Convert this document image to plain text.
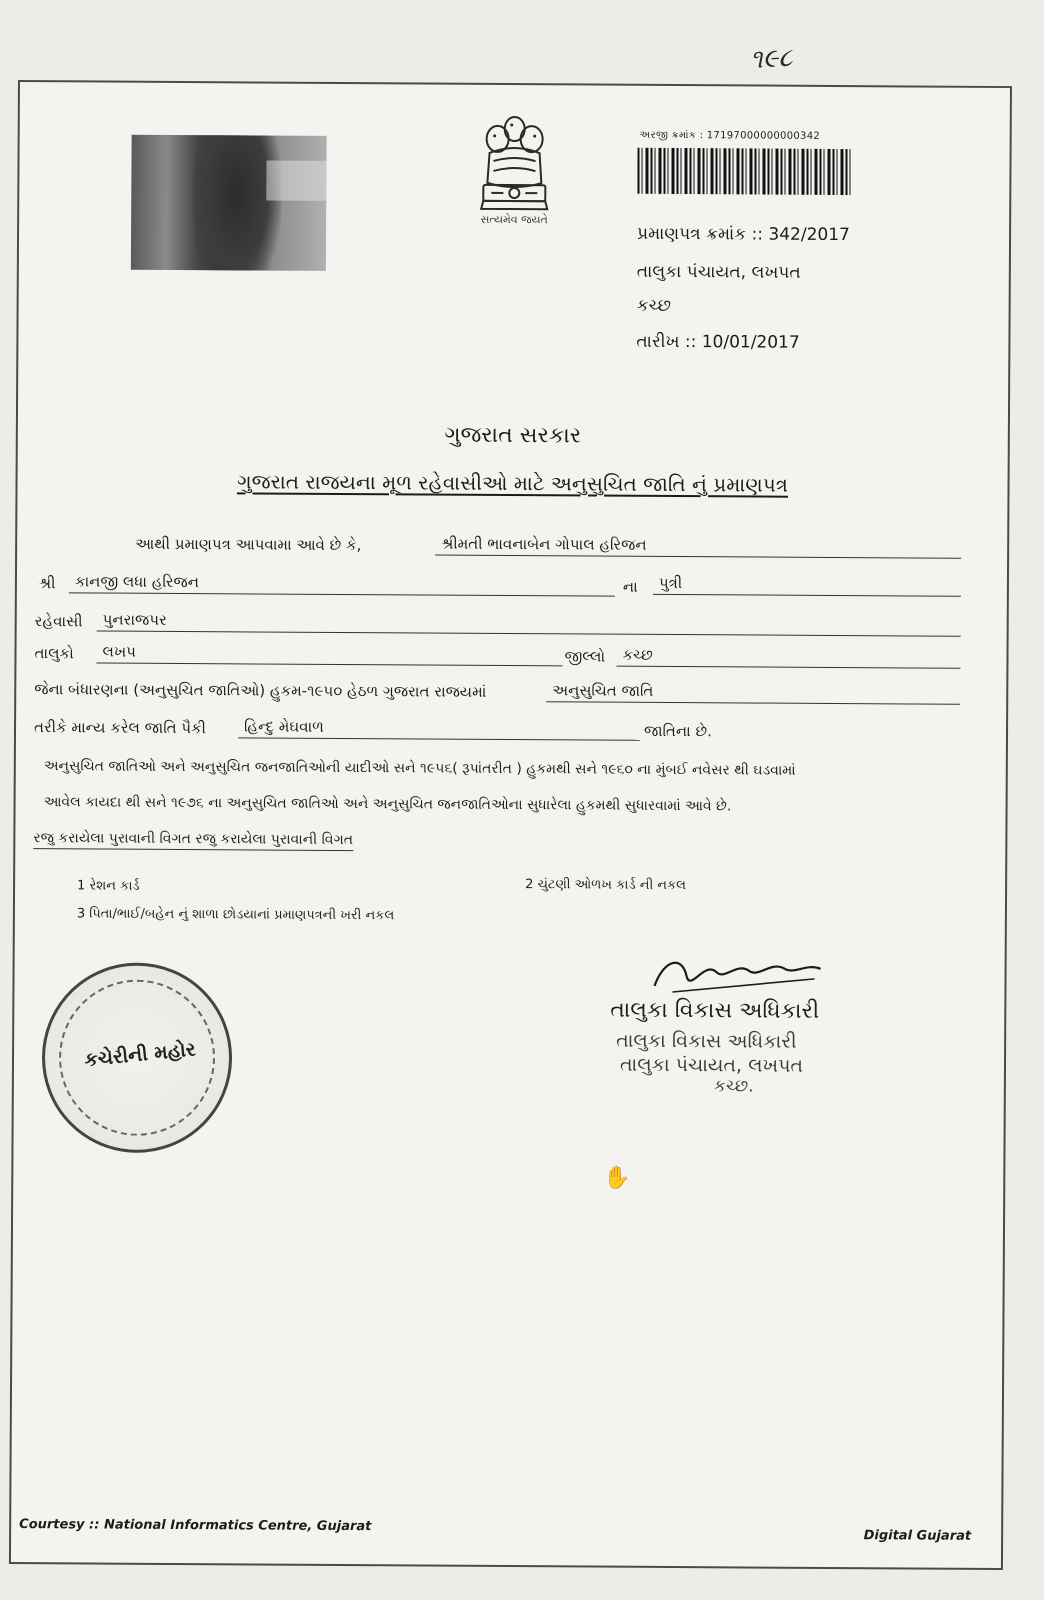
૧૯૮
સત્યમેવ જયતે
અરજી ક્રમાંક : 17197000000000342
પ્રમાણપત્ર ક્રમાંક :: 342/2017
તાલુકા પંચાયત, લખપત
કચ્છ
તારીખ :: 10/01/2017
ગુજરાત સરકાર
ગુજરાત રાજયના મૂળ રહેવાસીઓ માટે અનુસુચિત જાતિ નું પ્રમાણપત્ર
આથી પ્રમાણપત્ર આપવામા આવે છે કે,	શ્રીમતી ભાવનાબેન ગોપાલ હરિજન
શ્રી	કાનજી લધા હરિજન	ના	પુત્રી
રહેવાસી	પુનરાજપર
તાલુકો	લખપ	જીલ્લો	કચ્છ
જેના બંધારણના (અનુસુચિત જાતિઓ) હુકમ-૧૯૫૦ હેઠળ ગુજરાત રાજયમાં	અનુસુચિત જાતિ
તરીકે માન્ય કરેલ જાતિ પૈકી	હિન્દુ મેઘવાળ	જાતિના છે.
અનુસુચિત જાતિઓ અને અનુસુચિત જનજાતિઓની યાદીઓ સને ૧૯૫૬( રૂપાંતરીત ) હુકમથી સને ૧૯૬૦ ના મુંબઈ નવેસર થી ઘડવામાં
આવેલ કાયદા થી સને ૧૯૭૬ ના અનુસુચિત જાતિઓ અને અનુસુચિત જનજાતિઓના સુધારેલા હુકમથી સુધારવામાં આવે છે.
રજુ કરાયેલા પુરાવાની વિગત રજુ કરાયેલા પુરાવાની વિગત
1 રેશન કાર્ડ	2 ચુંટણી ઓળખ કાર્ડ ની નકલ
3 પિતા/ભાઈ/બહેન નું શાળા છોડયાનાં પ્રમાણપત્રની ખરી નકલ
કચેરીની મહોર
તાલુકા વિકાસ અધિકારી
તાલુકા વિકાસ અધિકારી
તાલુકા પંચાયત, લખપત
કચ્છ.
✋
Courtesy :: National Informatics Centre, Gujarat
Digital Gujarat
